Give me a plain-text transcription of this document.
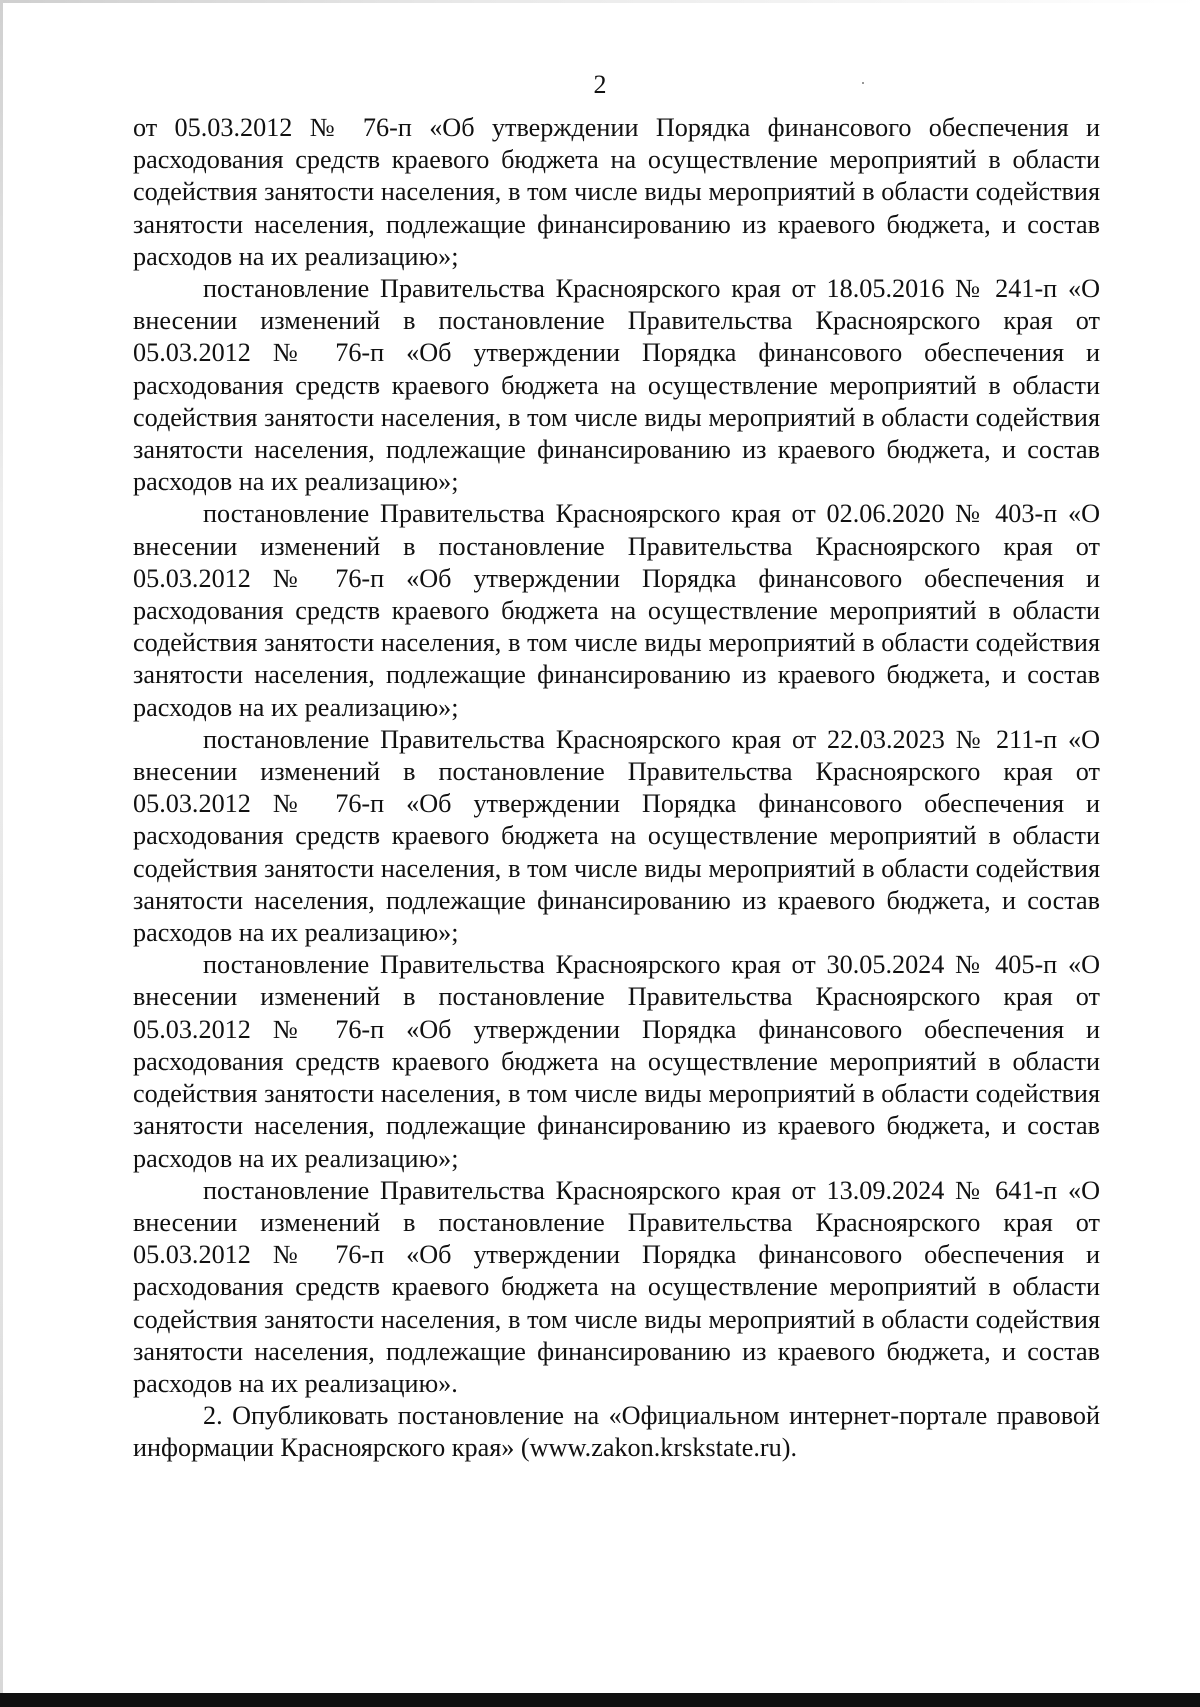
2

от 05.03.2012 № 76-п «Об утверждении Порядка финансового обеспечения и расходования средств краевого бюджета на осуществление мероприятий в области содействия занятости населения, в том числе виды мероприятий в области содействия занятости населения, подлежащие финансированию из краевого бюджета, и состав расходов на их реализацию»;

постановление Правительства Красноярского края от 18.05.2016 № 241-п «О внесении изменений в постановление Правительства Красноярского края от 05.03.2012 № 76-п «Об утверждении Порядка финансового обеспечения и расходования средств краевого бюджета на осуществление мероприятий в области содействия занятости населения, в том числе виды мероприятий в области содействия занятости населения, подлежащие финансированию из краевого бюджета, и состав расходов на их реализацию»;

постановление Правительства Красноярского края от 02.06.2020 № 403-п «О внесении изменений в постановление Правительства Красноярского края от 05.03.2012 № 76-п «Об утверждении Порядка финансового обеспечения и расходования средств краевого бюджета на осуществление мероприятий в области содействия занятости населения, в том числе виды мероприятий в области содействия занятости населения, подлежащие финансированию из краевого бюджета, и состав расходов на их реализацию»;

постановление Правительства Красноярского края от 22.03.2023 № 211-п «О внесении изменений в постановление Правительства Красноярского края от 05.03.2012 № 76-п «Об утверждении Порядка финансового обеспечения и расходования средств краевого бюджета на осуществление мероприятий в области содействия занятости населения, в том числе виды мероприятий в области содействия занятости населения, подлежащие финансированию из краевого бюджета, и состав расходов на их реализацию»;

постановление Правительства Красноярского края от 30.05.2024 № 405-п «О внесении изменений в постановление Правительства Красноярского края от 05.03.2012 № 76-п «Об утверждении Порядка финансового обеспечения и расходования средств краевого бюджета на осуществление мероприятий в области содействия занятости населения, в том числе виды мероприятий в области содействия занятости населения, подлежащие финансированию из краевого бюджета, и состав расходов на их реализацию»;

постановление Правительства Красноярского края от 13.09.2024 № 641-п «О внесении изменений в постановление Правительства Красноярского края от 05.03.2012 № 76-п «Об утверждении Порядка финансового обеспечения и расходования средств краевого бюджета на осуществление мероприятий в области содействия занятости населения, в том числе виды мероприятий в области содействия занятости населения, подлежащие финансированию из краевого бюджета, и состав расходов на их реализацию».

2. Опубликовать постановление на «Официальном интернет-портале правовой информации Красноярского края» (www.zakon.krskstate.ru).
